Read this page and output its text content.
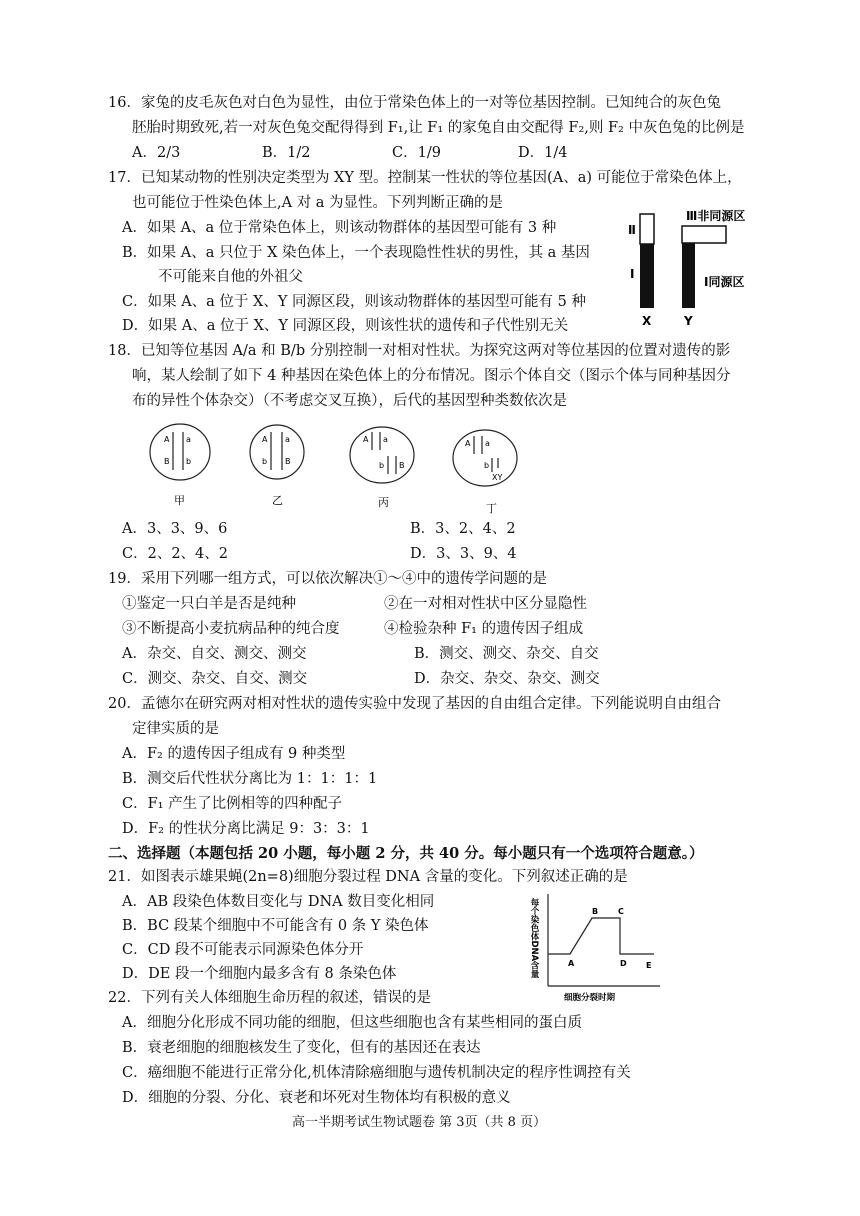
16．家兔的皮毛灰色对白色为显性，由位于常染色体上的一对等位基因控制。已知纯合的灰色兔
胚胎时期致死,若一对灰色兔交配得得到 F₁,让 F₁ 的家兔自由交配得 F₂,则 F₂ 中灰色兔的比例是
A．2/3	B．1/2	C．1/9	D．1/4
17．已知某动物的性别决定类型为 XY 型。控制某一性状的等位基因(A、a) 可能位于常染色体上，
也可能位于性染色体上,A 对 a 为显性。下列判断正确的是
A．如果 A、a 位于常染色体上，则该动物群体的基因型可能有 3 种
B．如果 A、a 只位于 X 染色体上，一个表现隐性性状的男性，其 a 基因
不可能来自他的外祖父
C．如果 A、a 位于 X、Y 同源区段，则该动物群体的基因型可能有 5 种
D．如果 A、a 位于 X、Y 同源区段，则该性状的遗传和子代性别无关
Ⅱ
Ⅰ
Ⅲ非同源区
Ⅰ同源区
X	Y
18．已知等位基因 A/a 和 B/b 分别控制一对相对性状。为探究这两对等位基因的位置对遗传的影
响，某人绘制了如下 4 种基因在染色体上的分布情况。图示个体自交（图示个体与同种基因分
布的异性个体杂交）（不考虑交叉互换），后代的基因型种类数依次是
A a
B b
甲
A a
b B
乙
A a
b B
丙
A a
b
XY
丁
A．3、3、9、6	B．3、2、4、2
C．2、2、4、2	D．3、3、9、4
19．采用下列哪一组方式，可以依次解决①～④中的遗传学问题的是
①鉴定一只白羊是否是纯种	②在一对相对性状中区分显隐性
③不断提高小麦抗病品种的纯合度	④检验杂种 F₁ 的遗传因子组成
A．杂交、自交、测交、测交	B．测交、测交、杂交、自交
C．测交、杂交、自交、测交	D．杂交、杂交、杂交、测交
20．孟德尔在研究两对相对性状的遗传实验中发现了基因的自由组合定律。下列能说明自由组合
定律实质的是
A．F₂ 的遗传因子组成有 9 种类型
B．测交后代性状分离比为 1：1：1：1
C．F₁ 产生了比例相等的四种配子
D．F₂ 的性状分离比满足 9：3：3：1
二、选择题（本题包括 20 小题，每小题 2 分，共 40 分。每小题只有一个选项符合题意。）
21．如图表示雄果蝇(2n=8)细胞分裂过程 DNA 含量的变化。下列叙述正确的是
A．AB 段染色体数目变化与 DNA 数目变化相同
B．BC 段某个细胞中不可能含有 0 条 Y 染色体
C．CD 段不可能表示同源染色体分开
D．DE 段一个细胞内最多含有 8 条染色体	每个染色体DNA含量	A
B C
D E
细胞分裂时期
22．下列有关人体细胞生命历程的叙述，错误的是
A．细胞分化形成不同功能的细胞，但这些细胞也含有某些相同的蛋白质
B．衰老细胞的细胞核发生了变化，但有的基因还在表达
C．癌细胞不能进行正常分化,机体清除癌细胞与遗传机制决定的程序性调控有关
D．细胞的分裂、分化、衰老和坏死对生物体均有积极的意义
高一半期考试生物试题卷 第 3页（共 8 页）
